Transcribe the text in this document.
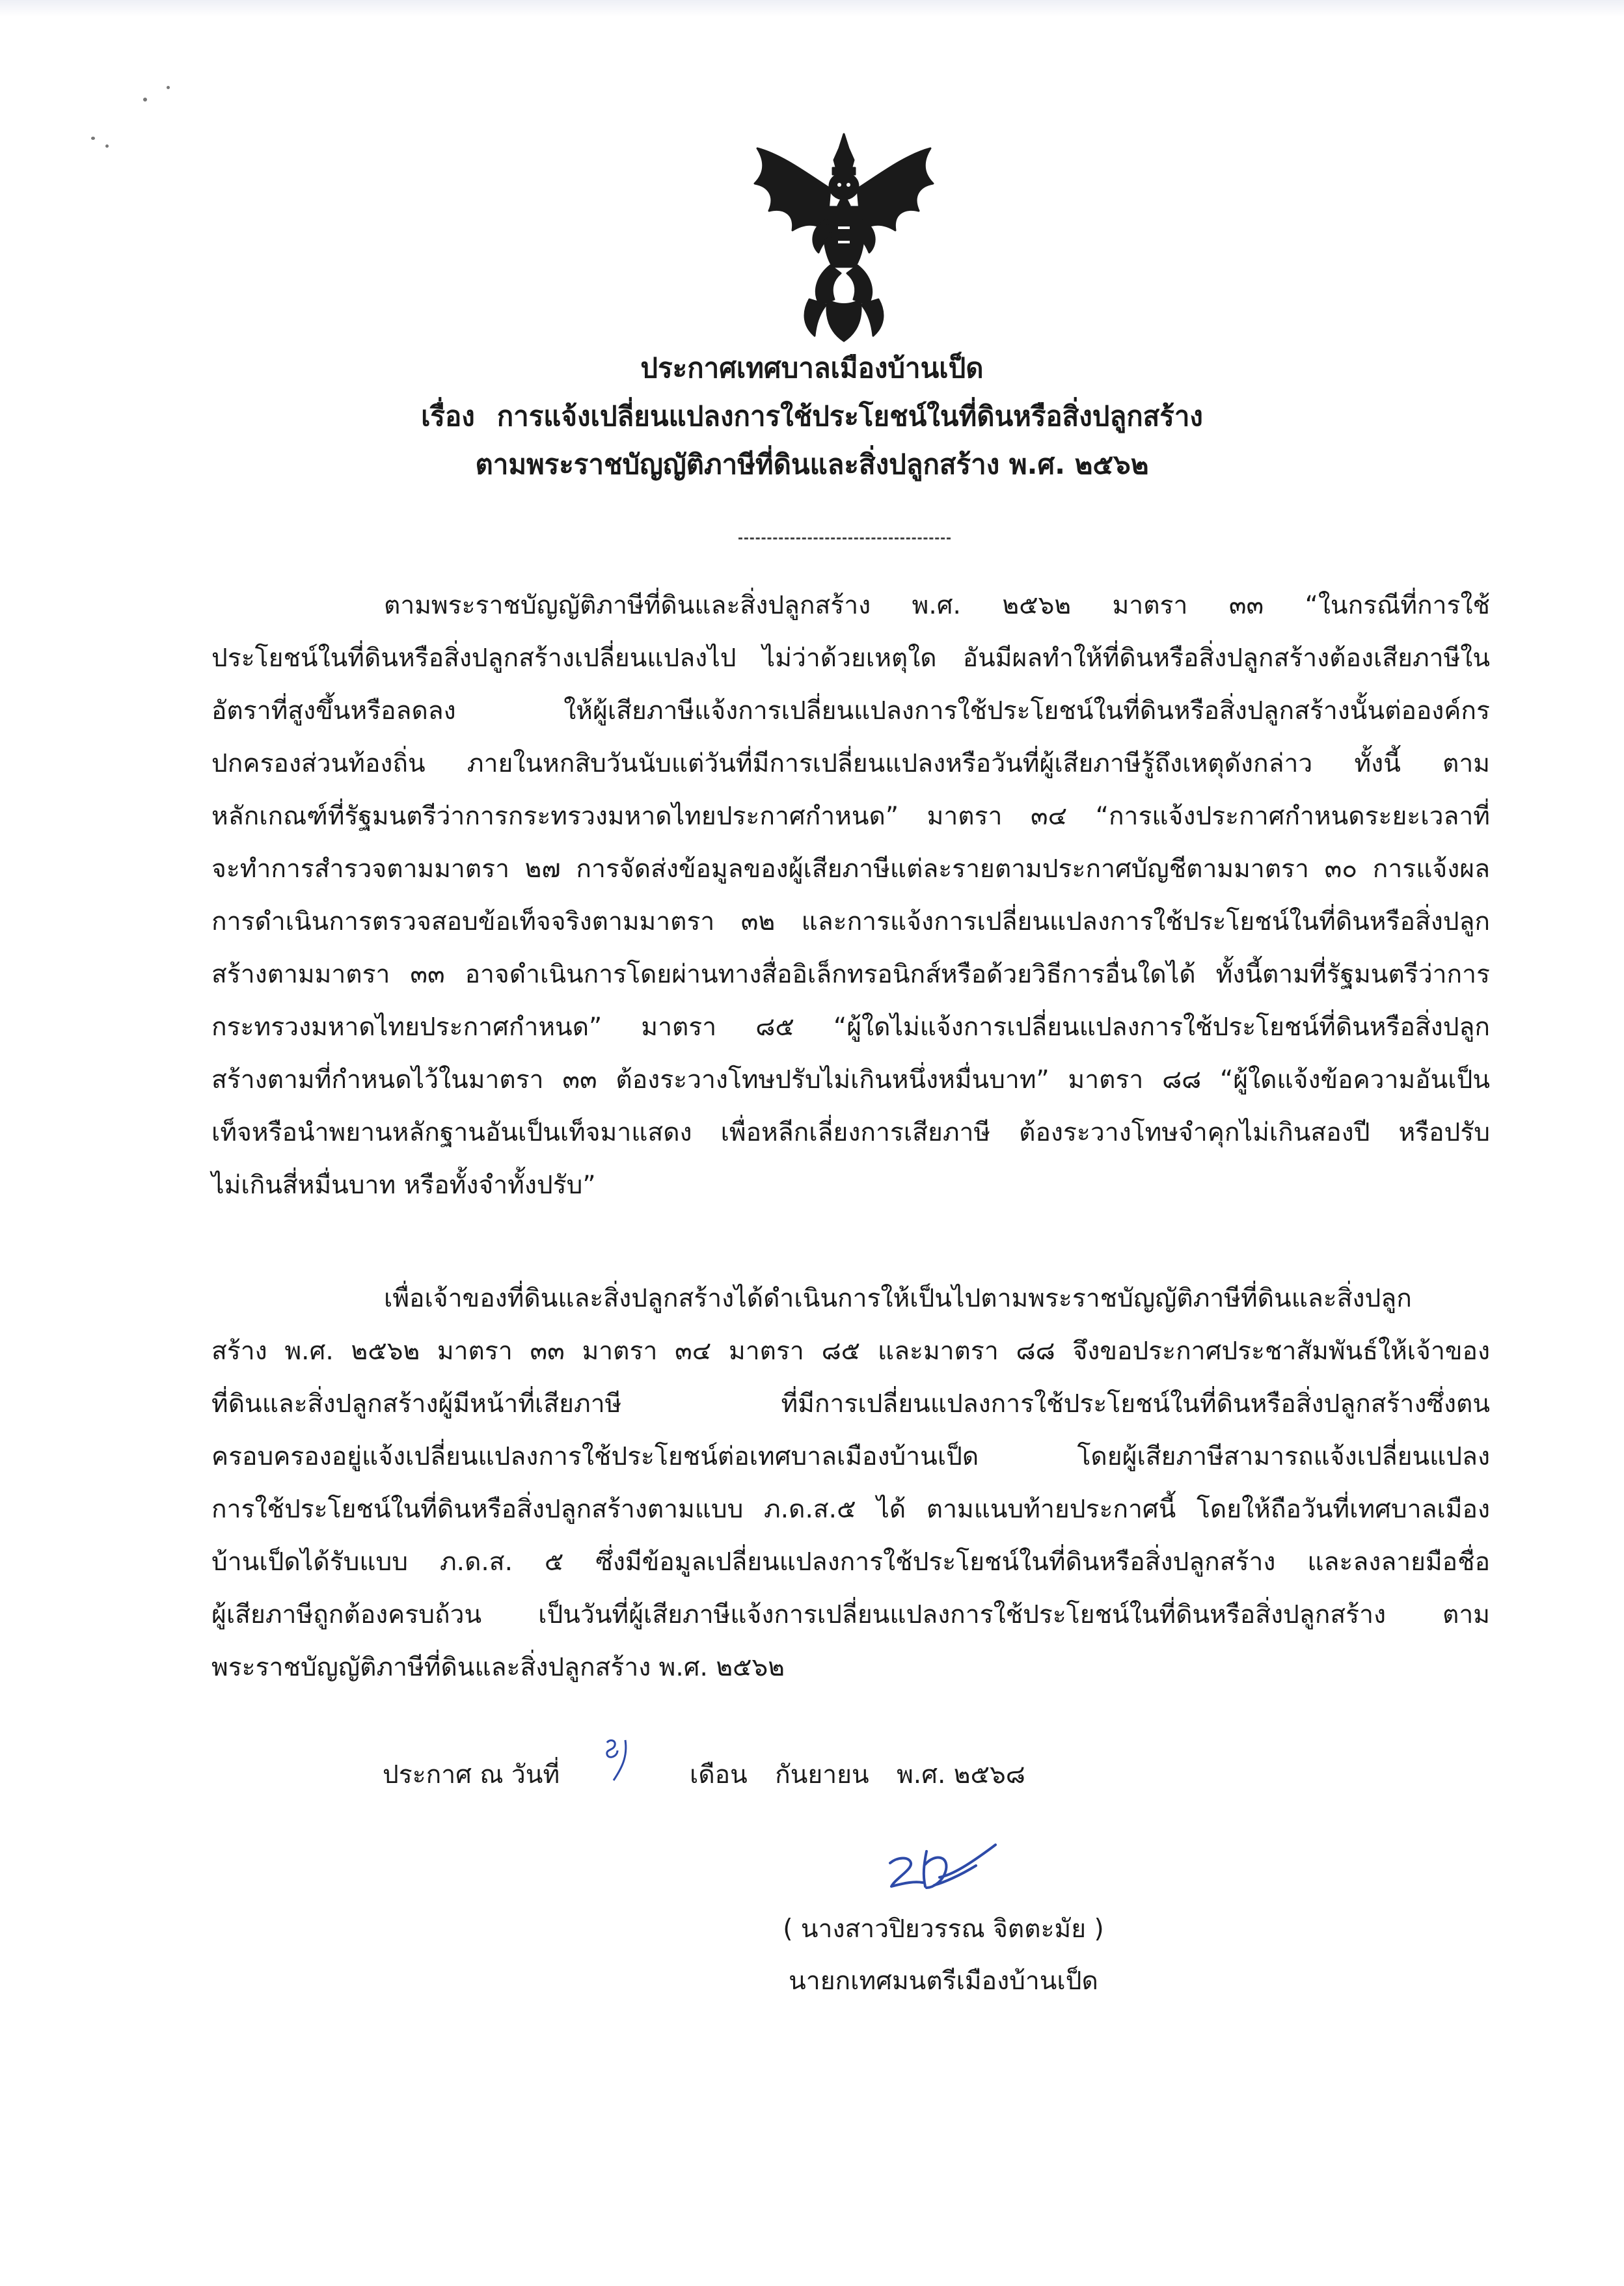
ประกาศเทศบาลเมืองบ้านเป็ด
เรื่อง การแจ้งเปลี่ยนแปลงการใช้ประโยชน์ในที่ดินหรือสิ่งปลูกสร้าง
ตามพระราชบัญญัติภาษีที่ดินและสิ่งปลูกสร้าง พ.ศ. ๒๕๖๒
ตามพระราชบัญญัติภาษีที่ดินและสิ่งปลูกสร้าง พ.ศ. ๒๕๖๒ มาตรา ๓๓ “ในกรณีที่การใช้
ประโยชน์ในที่ดินหรือสิ่งปลูกสร้างเปลี่ยนแปลงไป ไม่ว่าด้วยเหตุใด อันมีผลทำให้ที่ดินหรือสิ่งปลูกสร้างต้องเสียภาษีใน
อัตราที่สูงขึ้นหรือลดลง ให้ผู้เสียภาษีแจ้งการเปลี่ยนแปลงการใช้ประโยชน์ในที่ดินหรือสิ่งปลูกสร้างนั้นต่อองค์กร
ปกครองส่วนท้องถิ่น ภายในหกสิบวันนับแต่วันที่มีการเปลี่ยนแปลงหรือวันที่ผู้เสียภาษีรู้ถึงเหตุดังกล่าว ทั้งนี้ ตาม
หลักเกณฑ์ที่รัฐมนตรีว่าการกระทรวงมหาดไทยประกาศกำหนด” มาตรา ๓๔ “การแจ้งประกาศกำหนดระยะเวลาที่
จะทำการสำรวจตามมาตรา ๒๗ การจัดส่งข้อมูลของผู้เสียภาษีแต่ละรายตามประกาศบัญชีตามมาตรา ๓๐ การแจ้งผล
การดำเนินการตรวจสอบข้อเท็จจริงตามมาตรา ๓๒ และการแจ้งการเปลี่ยนแปลงการใช้ประโยชน์ในที่ดินหรือสิ่งปลูก
สร้างตามมาตรา ๓๓ อาจดำเนินการโดยผ่านทางสื่ออิเล็กทรอนิกส์หรือด้วยวิธีการอื่นใดได้ ทั้งนี้ตามที่รัฐมนตรีว่าการ
กระทรวงมหาดไทยประกาศกำหนด” มาตรา ๘๕ “ผู้ใดไม่แจ้งการเปลี่ยนแปลงการใช้ประโยชน์ที่ดินหรือสิ่งปลูก
สร้างตามที่กำหนดไว้ในมาตรา ๓๓ ต้องระวางโทษปรับไม่เกินหนึ่งหมื่นบาท” มาตรา ๘๘ “ผู้ใดแจ้งข้อความอันเป็น
เท็จหรือนำพยานหลักฐานอันเป็นเท็จมาแสดง เพื่อหลีกเลี่ยงการเสียภาษี ต้องระวางโทษจำคุกไม่เกินสองปี หรือปรับ
ไม่เกินสี่หมื่นบาท หรือทั้งจำทั้งปรับ”
เพื่อเจ้าของที่ดินและสิ่งปลูกสร้างได้ดำเนินการให้เป็นไปตามพระราชบัญญัติภาษีที่ดินและสิ่งปลูก
สร้าง พ.ศ. ๒๕๖๒ มาตรา ๓๓ มาตรา ๓๔ มาตรา ๘๕ และมาตรา ๘๘ จึงขอประกาศประชาสัมพันธ์ให้เจ้าของ
ที่ดินและสิ่งปลูกสร้างผู้มีหน้าที่เสียภาษี ที่มีการเปลี่ยนแปลงการใช้ประโยชน์ในที่ดินหรือสิ่งปลูกสร้างซึ่งตน
ครอบครองอยู่แจ้งเปลี่ยนแปลงการใช้ประโยชน์ต่อเทศบาลเมืองบ้านเป็ด โดยผู้เสียภาษีสามารถแจ้งเปลี่ยนแปลง
การใช้ประโยชน์ในที่ดินหรือสิ่งปลูกสร้างตามแบบ ภ.ด.ส.๕ ได้ ตามแนบท้ายประกาศนี้ โดยให้ถือวันที่เทศบาลเมือง
บ้านเป็ดได้รับแบบ ภ.ด.ส. ๕ ซึ่งมีข้อมูลเปลี่ยนแปลงการใช้ประโยชน์ในที่ดินหรือสิ่งปลูกสร้าง และลงลายมือชื่อ
ผู้เสียภาษีถูกต้องครบถ้วน เป็นวันที่ผู้เสียภาษีแจ้งการเปลี่ยนแปลงการใช้ประโยชน์ในที่ดินหรือสิ่งปลูกสร้าง ตาม
พระราชบัญญัติภาษีที่ดินและสิ่งปลูกสร้าง พ.ศ. ๒๕๖๒
ประกาศ ณ วันที่	เดือน กันยายน พ.ศ. ๒๕๖๘
( นางสาวปิยวรรณ จิตตะมัย )
นายกเทศมนตรีเมืองบ้านเป็ด
